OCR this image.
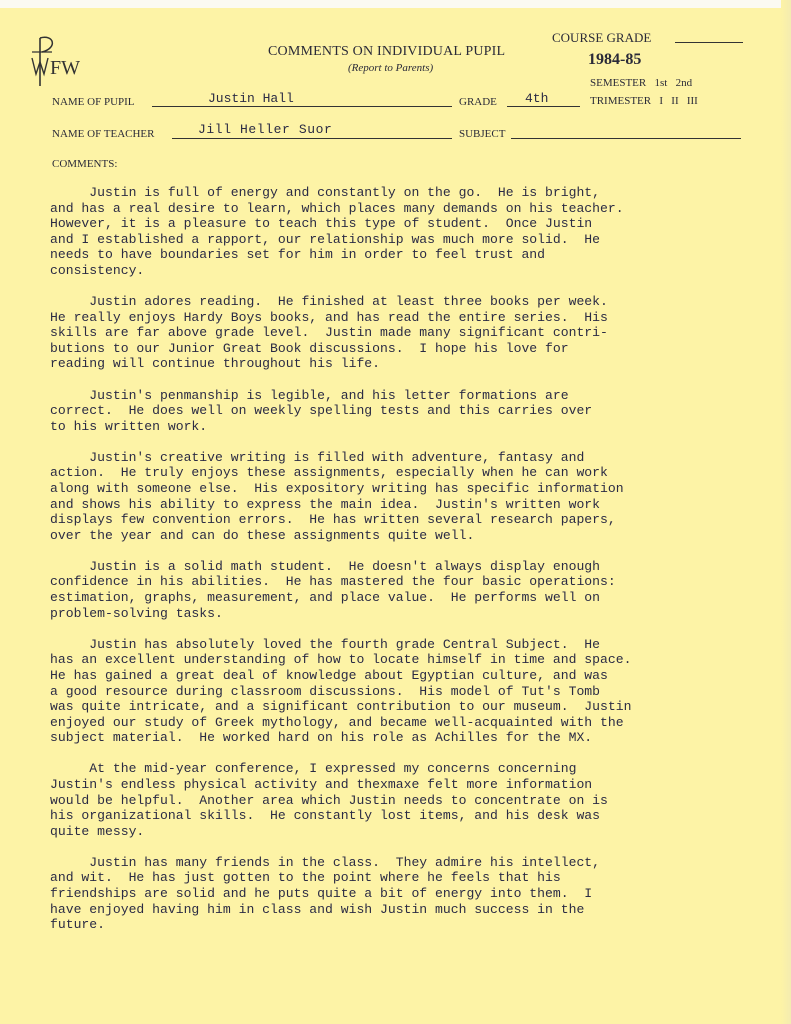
FW
COMMENTS ON INDIVIDUAL PUPIL
(Report to Parents)
COURSE GRADE
1984-85
SEMESTER   1st   2nd
TRIMESTER   I   II   III
NAME OF PUPIL	Justin Hall	GRADE 4th
NAME OF TEACHER	Jill Heller Suor	SUBJECT
COMMENTS:

Justin is full of energy and constantly on the go.  He is bright,
and has a real desire to learn, which places many demands on his teacher.
However, it is a pleasure to teach this type of student.  Once Justin
and I established a rapport, our relationship was much more solid.  He
needs to have boundaries set for him in order to feel trust and
consistency.

Justin adores reading.  He finished at least three books per week.
He really enjoys Hardy Boys books, and has read the entire series.  His
skills are far above grade level.  Justin made many significant contri-
butions to our Junior Great Book discussions.  I hope his love for
reading will continue throughout his life.

Justin's penmanship is legible, and his letter formations are
correct.  He does well on weekly spelling tests and this carries over
to his written work.

Justin's creative writing is filled with adventure, fantasy and
action.  He truly enjoys these assignments, especially when he can work
along with someone else.  His expository writing has specific information
and shows his ability to express the main idea.  Justin's written work
displays few convention errors.  He has written several research papers,
over the year and can do these assignments quite well.

Justin is a solid math student.  He doesn't always display enough
confidence in his abilities.  He has mastered the four basic operations:
estimation, graphs, measurement, and place value.  He performs well on
problem-solving tasks.

Justin has absolutely loved the fourth grade Central Subject.  He
has an excellent understanding of how to locate himself in time and space.
He has gained a great deal of knowledge about Egyptian culture, and was
a good resource during classroom discussions.  His model of Tut's Tomb
was quite intricate, and a significant contribution to our museum.  Justin
enjoyed our study of Greek mythology, and became well-acquainted with the
subject material.  He worked hard on his role as Achilles for the MX.

At the mid-year conference, I expressed my concerns concerning
Justin's endless physical activity and thexmaxe felt more information
would be helpful.  Another area which Justin needs to concentrate on is
his organizational skills.  He constantly lost items, and his desk was
quite messy.

Justin has many friends in the class.  They admire his intellect,
and wit.  He has just gotten to the point where he feels that his
friendships are solid and he puts quite a bit of energy into them.  I
have enjoyed having him in class and wish Justin much success in the
future.
